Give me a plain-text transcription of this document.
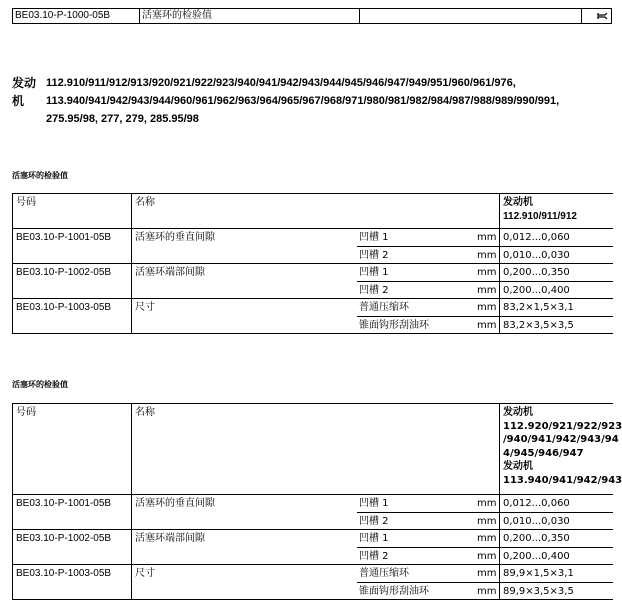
BE03.10-P-1000-05B	活塞环的检验值
发动机
112.910/911/912/913/920/921/922/923/940/941/942/943/944/945/946/947/949/951/960/961/976,
113.940/941/942/943/944/960/961/962/963/964/965/967/968/971/980/981/982/984/987/988/989/990/991,
275.95/98, 277, 279, 285.95/98
活塞环的检验值
号码	名称	发动机
112.910/911/912
BE03.10-P-1001-05B	活塞环的垂直间隙	凹槽 1	mm 0,012...0,060
凹槽 2	mm 0,010...0,030
BE03.10-P-1002-05B	活塞环端部间隙	凹槽 1	mm 0,200...0,350
凹槽 2	mm 0,200...0,400
BE03.10-P-1003-05B	尺寸	普通压缩环	mm 83,2×1,5×3,1
锥面钩形刮油环	mm 83,2×3,5×3,5
活塞环的检验值
号码	名称	发动机
112.920/921/922/923
/940/941/942/943/94
4/945/946/947
发动机
113.940/941/942/943
BE03.10-P-1001-05B	活塞环的垂直间隙	凹槽 1	mm 0,012...0,060
凹槽 2	mm 0,010...0,030
BE03.10-P-1002-05B	活塞环端部间隙	凹槽 1	mm 0,200...0,350
凹槽 2	mm 0,200...0,400
BE03.10-P-1003-05B	尺寸	普通压缩环	mm 89,9×1,5×3,1
锥面钩形刮油环	mm 89,9×3,5×3,5
